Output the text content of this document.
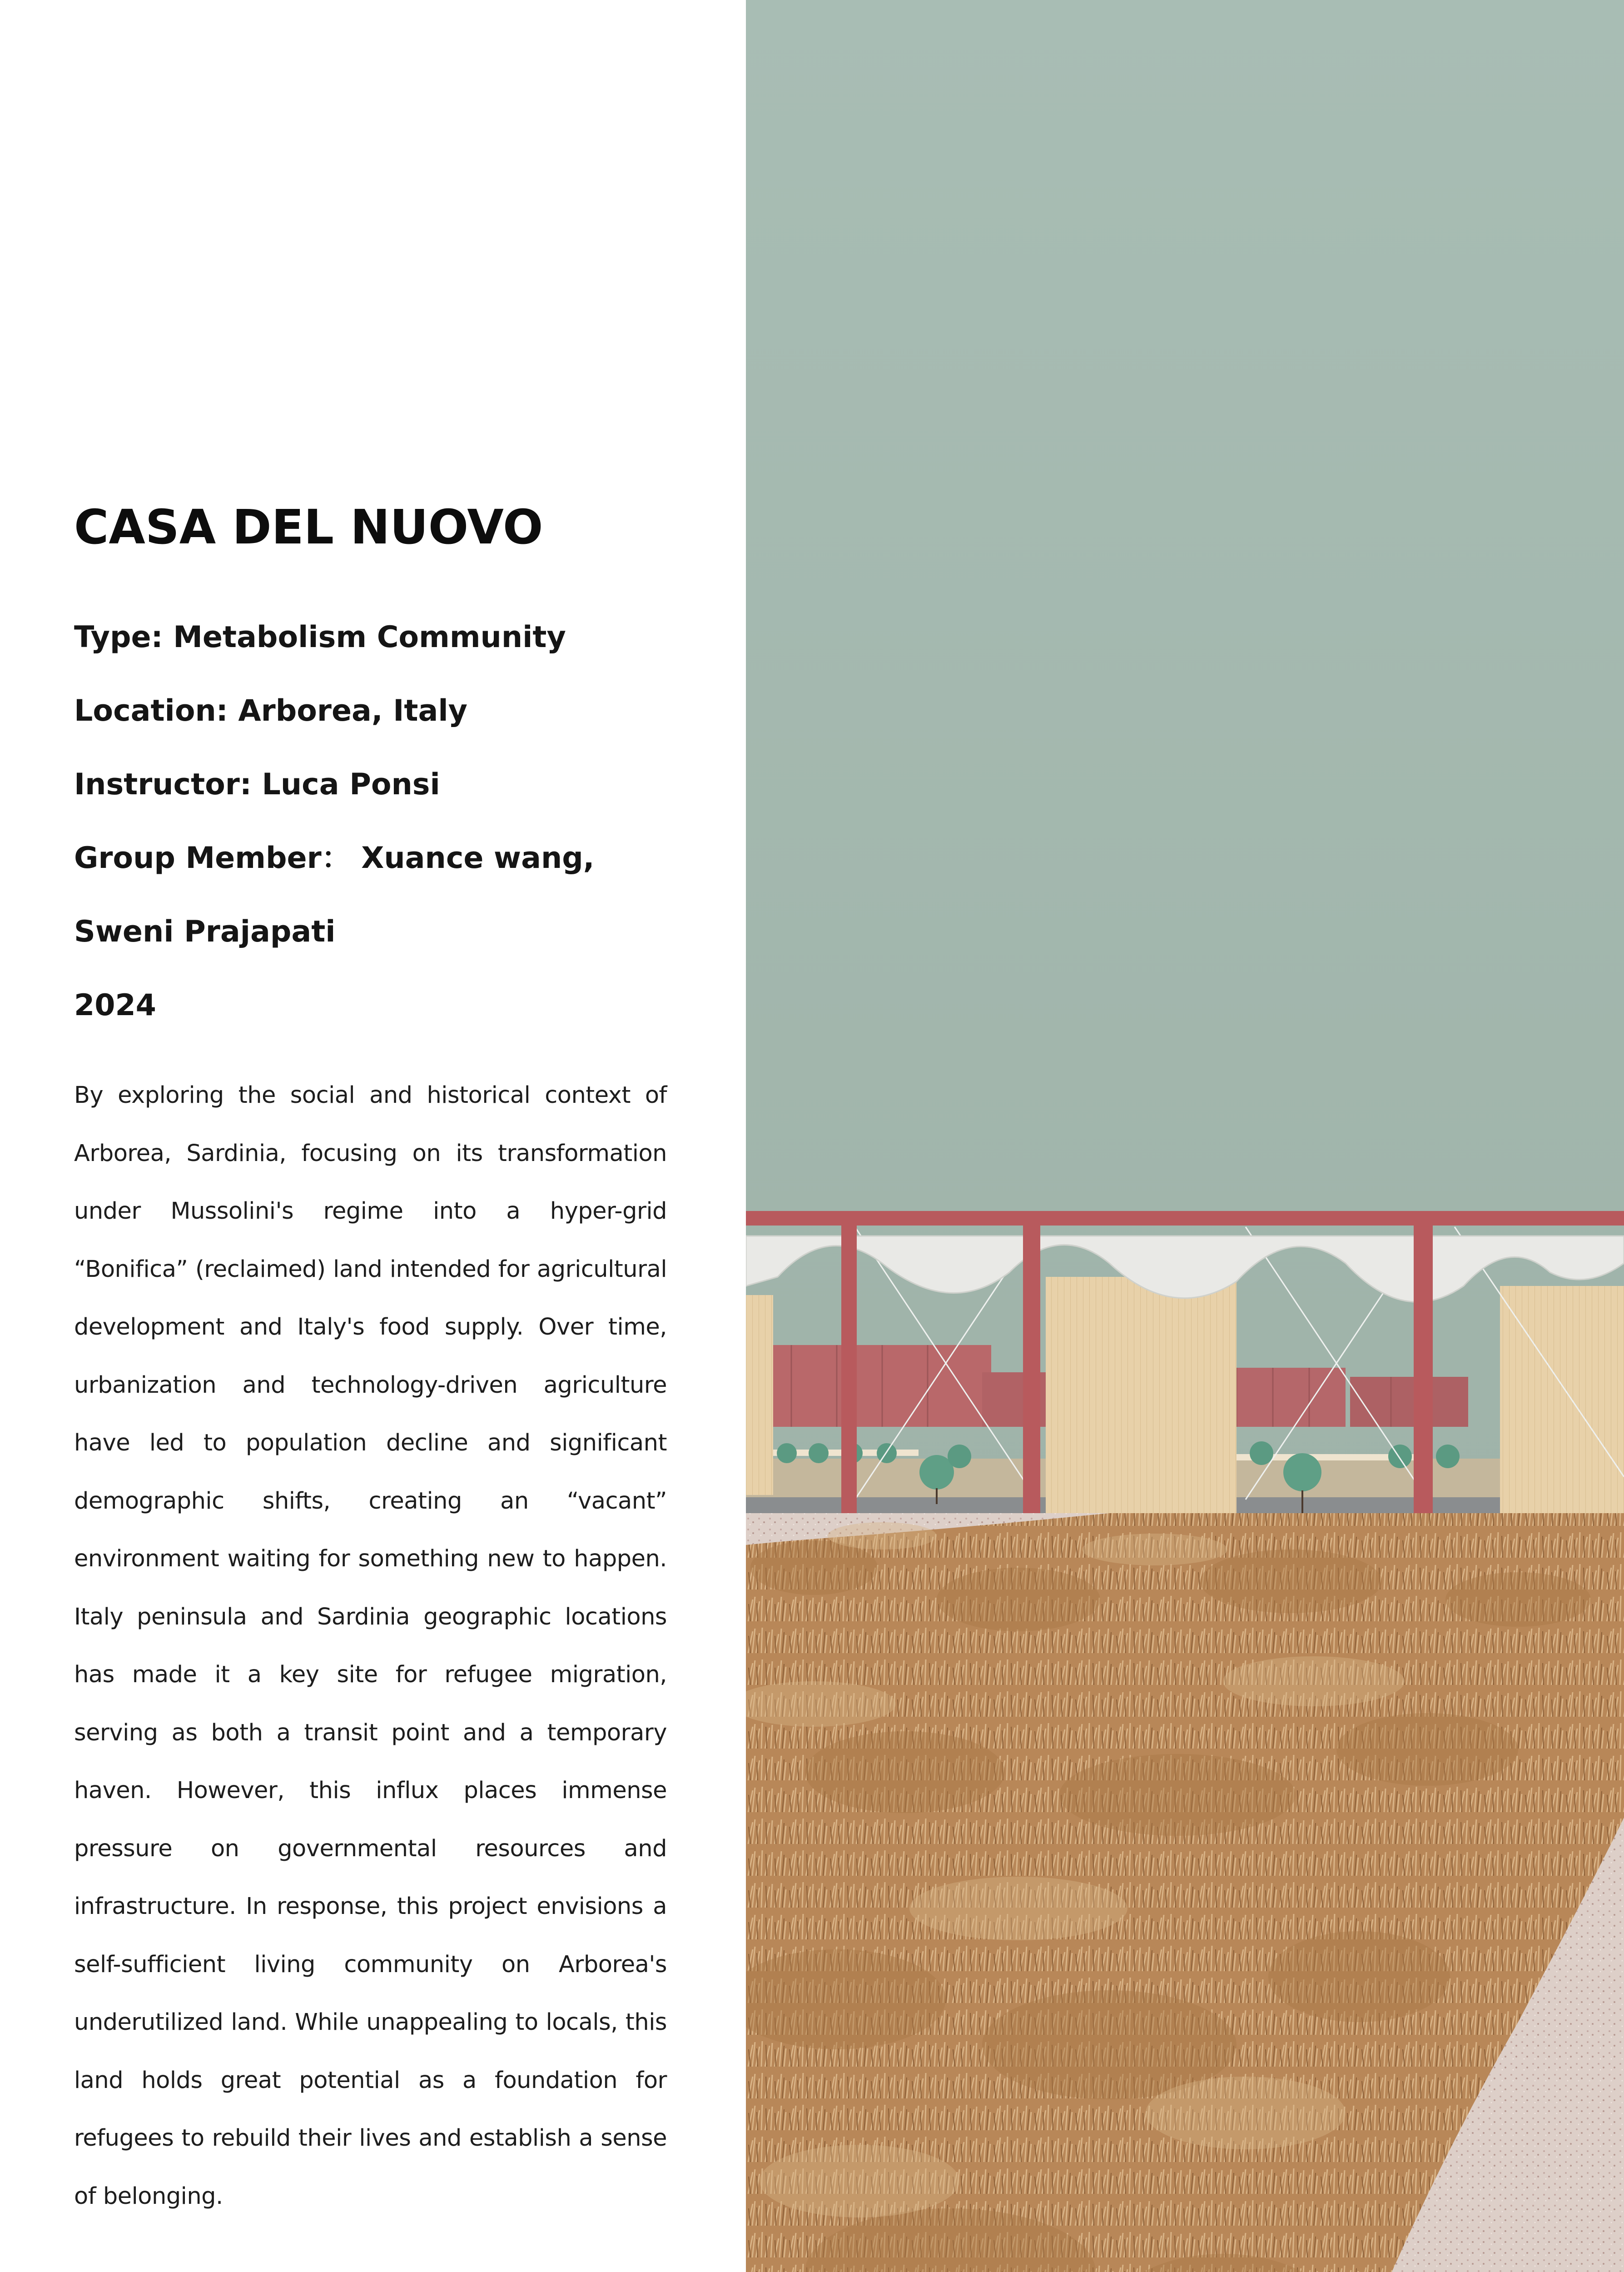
CASA DEL NUOVO
Type: Metabolism Community
Location: Arborea, Italy
Instructor: Luca Ponsi
Group Member： Xuance wang, Sweni Prajapati
2024

By exploring the social and historical context of Arborea, Sardinia, focusing on its transformation under Mussolini's regime into a hyper-grid “Bonifica” (reclaimed) land intended for agricultural development and Italy's food supply. Over time, urbanization and technology-driven agriculture have led to population decline and significant demographic shifts, creating an “vacant” environment waiting for something new to happen. Italy peninsula and Sardinia geographic locations has made it a key site for refugee migration, serving as both a transit point and a temporary haven. However, this influx places immense pressure on governmental resources and infrastructure. In response, this project envisions a self-sufficient living community on Arborea's underutilized land. While unappealing to locals, this land holds great potential as a foundation for refugees to rebuild their lives and establish a sense of belonging.
